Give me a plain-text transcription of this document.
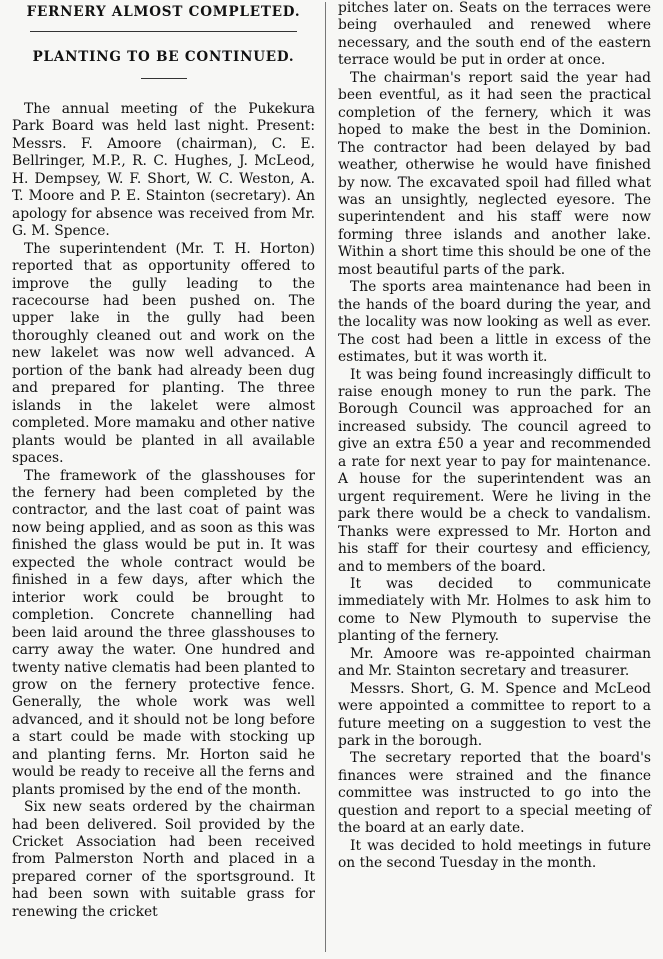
FERNERY ALMOST COMPLETED.
PLANTING TO BE CONTINUED.

The annual meeting of the Pukekura Park Board was held last night. Present: Messrs. F. Amoore (chairman), C. E. Bellringer, M.P., R. C. Hughes, J. McLeod, H. Dempsey, W. F. Short, W. C. Weston, A. T. Moore and P. E. Stainton (secretary). An apology for absence was received from Mr. G. M. Spence.

The superintendent (Mr. T. H. Horton) reported that as opportunity offered to improve the gully leading to the racecourse had been pushed on. The upper lake in the gully had been thoroughly cleaned out and work on the new lakelet was now well advanced. A portion of the bank had already been dug and prepared for planting. The three islands in the lakelet were almost completed. More mamaku and other native plants would be planted in all available spaces.

The framework of the glasshouses for the fernery had been completed by the contractor, and the last coat of paint was now being applied, and as soon as this was finished the glass would be put in. It was expected the whole contract would be finished in a few days, after which the interior work could be brought to completion. Concrete channelling had been laid around the three glasshouses to carry away the water. One hundred and twenty native clematis had been planted to grow on the fernery protective fence. Generally, the whole work was well advanced, and it should not be long before a start could be made with stocking up and planting ferns. Mr. Horton said he would be ready to receive all the ferns and plants promised by the end of the month.

Six new seats ordered by the chairman had been delivered. Soil provided by the Cricket Association had been received from Palmerston North and placed in a prepared corner of the sportsground. It had been sown with suitable grass for renewing the cricket

pitches later on. Seats on the terraces were being overhauled and renewed where necessary, and the south end of the eastern terrace would be put in order at once.

The chairman's report said the year had been eventful, as it had seen the practical completion of the fernery, which it was hoped to make the best in the Dominion. The contractor had been delayed by bad weather, otherwise he would have finished by now. The excavated spoil had filled what was an unsightly, neglected eyesore. The superintendent and his staff were now forming three islands and another lake. Within a short time this should be one of the most beautiful parts of the park.

The sports area maintenance had been in the hands of the board during the year, and the locality was now looking as well as ever. The cost had been a little in excess of the estimates, but it was worth it.

It was being found increasingly difficult to raise enough money to run the park. The Borough Council was approached for an increased subsidy. The council agreed to give an extra £50 a year and recommended a rate for next year to pay for maintenance. A house for the superintendent was an urgent requirement. Were he living in the park there would be a check to vandalism. Thanks were expressed to Mr. Horton and his staff for their courtesy and efficiency, and to members of the board.

It was decided to communicate immediately with Mr. Holmes to ask him to come to New Plymouth to supervise the planting of the fernery.

Mr. Amoore was re-appointed chairman and Mr. Stainton secretary and treasurer.

Messrs. Short, G. M. Spence and McLeod were appointed a committee to report to a future meeting on a suggestion to vest the park in the borough.

The secretary reported that the board's finances were strained and the finance committee was instructed to go into the question and report to a special meeting of the board at an early date.

It was decided to hold meetings in future on the second Tuesday in the month.
